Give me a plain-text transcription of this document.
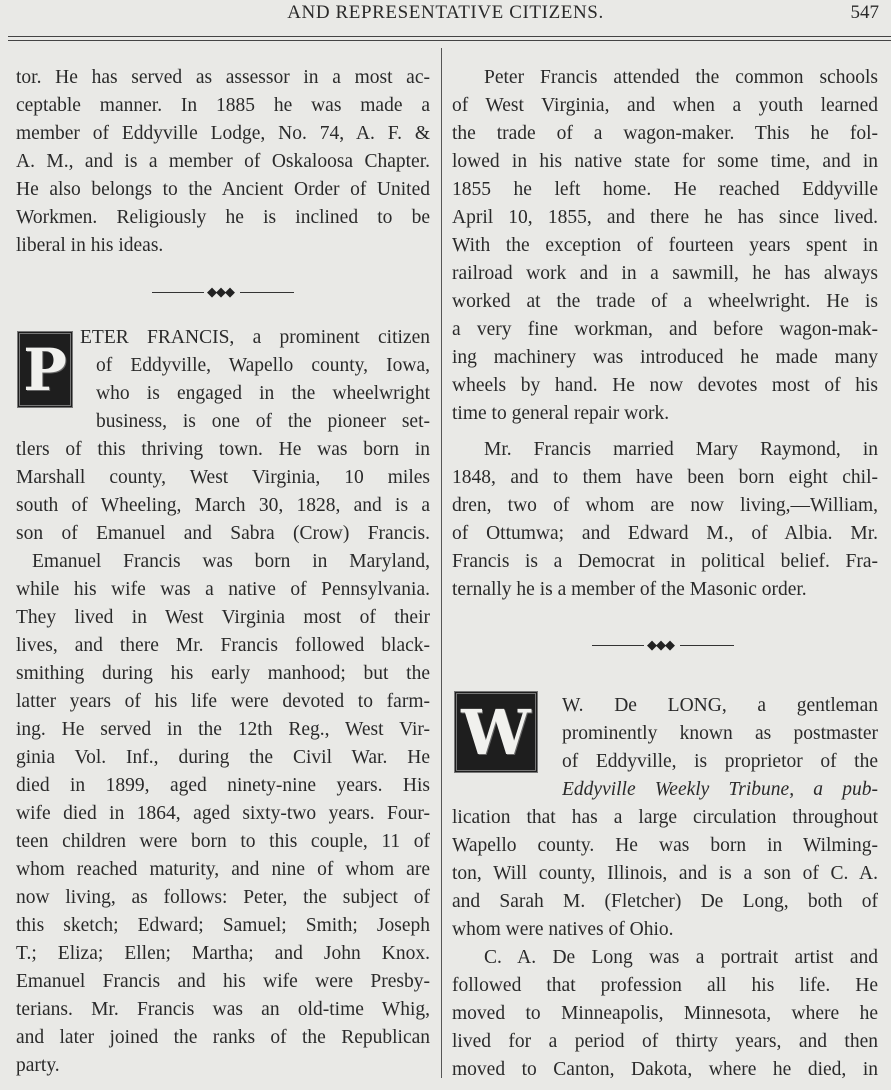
AND REPRESENTATIVE CITIZENS.	547
tor. He has served as assessor in a most ac-
ceptable manner. In 1885 he was made a
member of Eddyville Lodge, No. 74, A. F. &
A. M., and is a member of Oskaloosa Chapter.
He also belongs to the Ancient Order of United
Workmen. Religiously he is inclined to be
liberal in his ideas.
◆◆◆
P ETER FRANCIS, a prominent citizen
of Eddyville, Wapello county, Iowa,
who is engaged in the wheelwright
business, is one of the pioneer set-
tlers of this thriving town. He was born in
Marshall county, West Virginia, 10 miles
south of Wheeling, March 30, 1828, and is a
son of Emanuel and Sabra (Crow) Francis.
Emanuel Francis was born in Maryland,
while his wife was a native of Pennsylvania.
They lived in West Virginia most of their
lives, and there Mr. Francis followed black-
smithing during his early manhood; but the
latter years of his life were devoted to farm-
ing. He served in the 12th Reg., West Vir-
ginia Vol. Inf., during the Civil War. He
died in 1899, aged ninety-nine years. His
wife died in 1864, aged sixty-two years. Four-
teen children were born to this couple, 11 of
whom reached maturity, and nine of whom are
now living, as follows: Peter, the subject of
this sketch; Edward; Samuel; Smith; Joseph
T.; Eliza; Ellen; Martha; and John Knox.
Emanuel Francis and his wife were Presby-
terians. Mr. Francis was an old-time Whig,
and later joined the ranks of the Republican
party.
Peter Francis attended the common schools
of West Virginia, and when a youth learned
the trade of a wagon-maker. This he fol-
lowed in his native state for some time, and in
1855 he left home. He reached Eddyville
April 10, 1855, and there he has since lived.
With the exception of fourteen years spent in
railroad work and in a sawmill, he has always
worked at the trade of a wheelwright. He is
a very fine workman, and before wagon-mak-
ing machinery was introduced he made many
wheels by hand. He now devotes most of his
time to general repair work.
Mr. Francis married Mary Raymond, in
1848, and to them have been born eight chil-
dren, two of whom are now living,—William,
of Ottumwa; and Edward M., of Albia. Mr.
Francis is a Democrat in political belief. Fra-
ternally he is a member of the Masonic order.
◆◆◆
W W. De LONG, a gentleman
prominently known as postmaster
of Eddyville, is proprietor of the
Eddyville Weekly Tribune, a pub-
lication that has a large circulation throughout
Wapello county. He was born in Wilming-
ton, Will county, Illinois, and is a son of C. A.
and Sarah M. (Fletcher) De Long, both of
whom were natives of Ohio.
C. A. De Long was a portrait artist and
followed that profession all his life. He
moved to Minneapolis, Minnesota, where he
lived for a period of thirty years, and then
moved to Canton, Dakota, where he died, in
